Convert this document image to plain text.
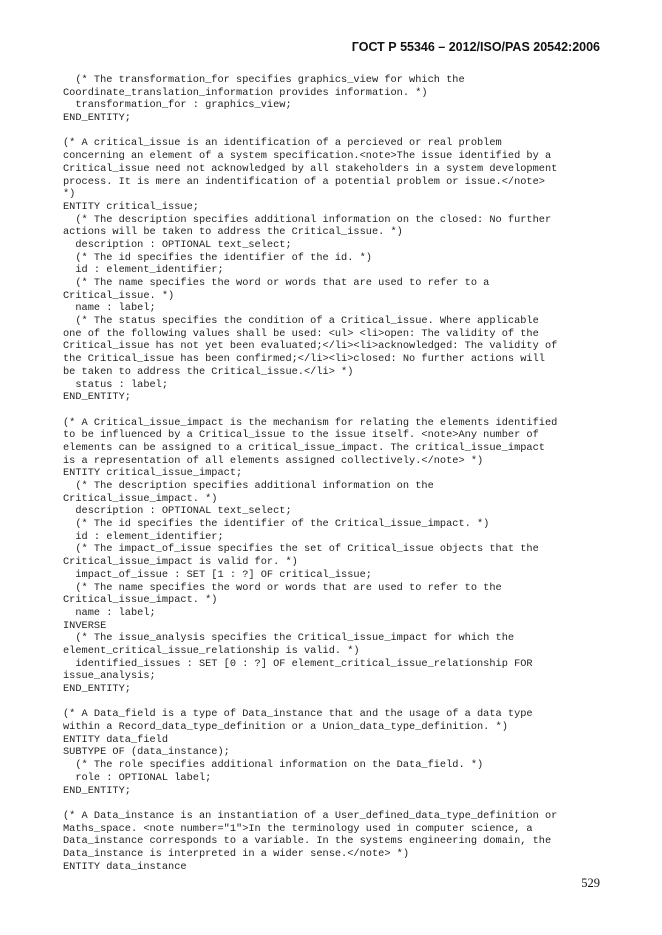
ГОСТ Р 55346 – 2012/ISO/PAS 20542:2006
(* The transformation_for specifies graphics_view for which the
Coordinate_translation_information provides information. *)
transformation_for : graphics_view;
END_ENTITY;
(* A critical_issue is an identification of a percieved or real problem
concerning an element of a system specification.<note>The issue identified by a
Critical_issue need not acknowledged by all stakeholders in a system development
process. It is mere an indentification of a potential problem or issue.</note>
*)
ENTITY critical_issue;
(* The description specifies additional information on the closed: No further
actions will be taken to address the Critical_issue. *)
description : OPTIONAL text_select;
(* The id specifies the identifier of the id. *)
id : element_identifier;
(* The name specifies the word or words that are used to refer to a
Critical_issue. *)
name : label;
(* The status specifies the condition of a Critical_issue. Where applicable
one of the following values shall be used: <ul> <li>open: The validity of the
Critical_issue has not yet been evaluated;</li><li>acknowledged: The validity of
the Critical_issue has been confirmed;</li><li>closed: No further actions will
be taken to address the Critical_issue.</li> *)
status : label;
END_ENTITY;
(* A Critical_issue_impact is the mechanism for relating the elements identified
to be influenced by a Critical_issue to the issue itself. <note>Any number of
elements can be assigned to a critical_issue_impact. The critical_issue_impact
is a representation of all elements assigned collectively.</note> *)
ENTITY critical_issue_impact;
(* The description specifies additional information on the
Critical_issue_impact. *)
description : OPTIONAL text_select;
(* The id specifies the identifier of the Critical_issue_impact. *)
id : element_identifier;
(* The impact_of_issue specifies the set of Critical_issue objects that the
Critical_issue_impact is valid for. *)
impact_of_issue : SET [1 : ?] OF critical_issue;
(* The name specifies the word or words that are used to refer to the
Critical_issue_impact. *)
name : label;
INVERSE
(* The issue_analysis specifies the Critical_issue_impact for which the
element_critical_issue_relationship is valid. *)
identified_issues : SET [0 : ?] OF element_critical_issue_relationship FOR
issue_analysis;
END_ENTITY;
(* A Data_field is a type of Data_instance that and the usage of a data type
within a Record_data_type_definition or a Union_data_type_definition. *)
ENTITY data_field
SUBTYPE OF (data_instance);
(* The role specifies additional information on the Data_field. *)
role : OPTIONAL label;
END_ENTITY;
(* A Data_instance is an instantiation of a User_defined_data_type_definition or
Maths_space. <note number="1">In the terminology used in computer science, a
Data_instance corresponds to a variable. In the systems engineering domain, the
Data_instance is interpreted in a wider sense.</note> *)
ENTITY data_instance
529
